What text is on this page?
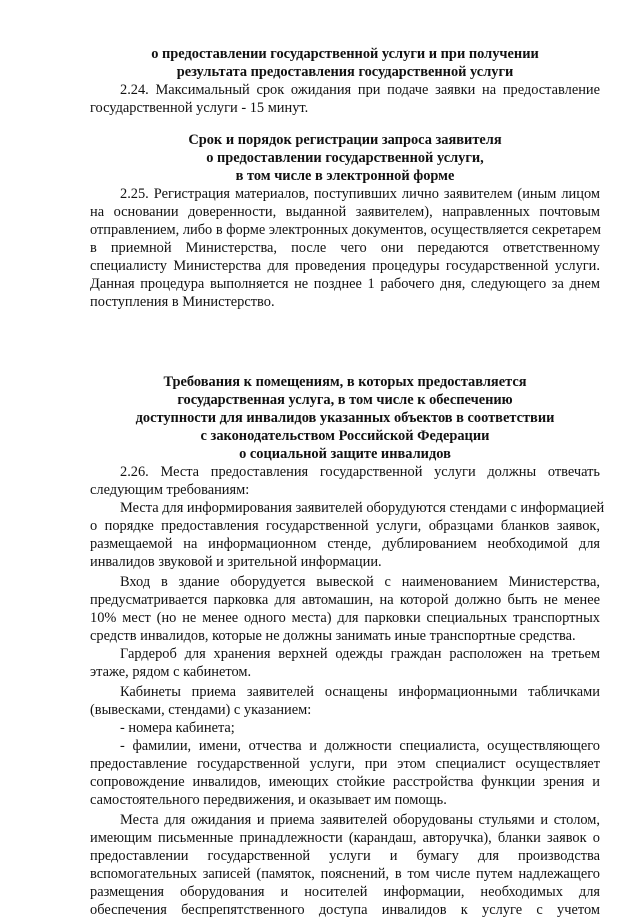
о предоставлении государственной услуги и при получении

результата предоставления государственной услуги

2.24. Максимальный срок ожидания при подаче заявки на предоставление

государственной услуги - 15 минут.

Срок и порядок регистрации запроса заявителя

о предоставлении государственной услуги,

в том числе в электронной форме

2.25. Регистрация материалов, поступивших лично заявителем (иным лицом

на основании доверенности, выданной заявителем), направленных почтовым

отправлением, либо в форме электронных документов, осуществляется секретарем

в приемной Министерства, после чего они передаются ответственному

специалисту Министерства для проведения процедуры государственной услуги.

Данная процедура выполняется не позднее 1 рабочего дня, следующего за днем

поступления в Министерство.

Требования к помещениям, в которых предоставляется

государственная услуга, в том числе к обеспечению

доступности для инвалидов указанных объектов в соответствии

с законодательством Российской Федерации

о социальной защите инвалидов

2.26. Места предоставления государственной услуги должны отвечать

следующим требованиям:

Места для информирования заявителей оборудуются стендами с информацией

о порядке предоставления государственной услуги, образцами бланков заявок,

размещаемой на информационном стенде, дублированием необходимой для

инвалидов звуковой и зрительной информации.

Вход в здание оборудуется вывеской с наименованием Министерства,

предусматривается парковка для автомашин, на которой должно быть не менее

10% мест (но не менее одного места) для парковки специальных транспортных

средств инвалидов, которые не должны занимать иные транспортные средства.

Гардероб для хранения верхней одежды граждан расположен на третьем

этаже, рядом с кабинетом.

Кабинеты приема заявителей оснащены информационными табличками

(вывесками, стендами) с указанием:

- номера кабинета;

- фамилии, имени, отчества и должности специалиста, осуществляющего

предоставление государственной услуги, при этом специалист осуществляет

сопровождение инвалидов, имеющих стойкие расстройства функции зрения и

самостоятельного передвижения, и оказывает им помощь.

Места для ожидания и приема заявителей оборудованы стульями и столом,

имеющим письменные принадлежности (карандаш, авторучка), бланки заявок о

предоставлении государственной услуги и бумагу для производства

вспомогательных записей (памяток, пояснений, в том числе путем надлежащего

размещения оборудования и носителей информации, необходимых для

обеспечения беспрепятственного доступа инвалидов к услуге с учетом
